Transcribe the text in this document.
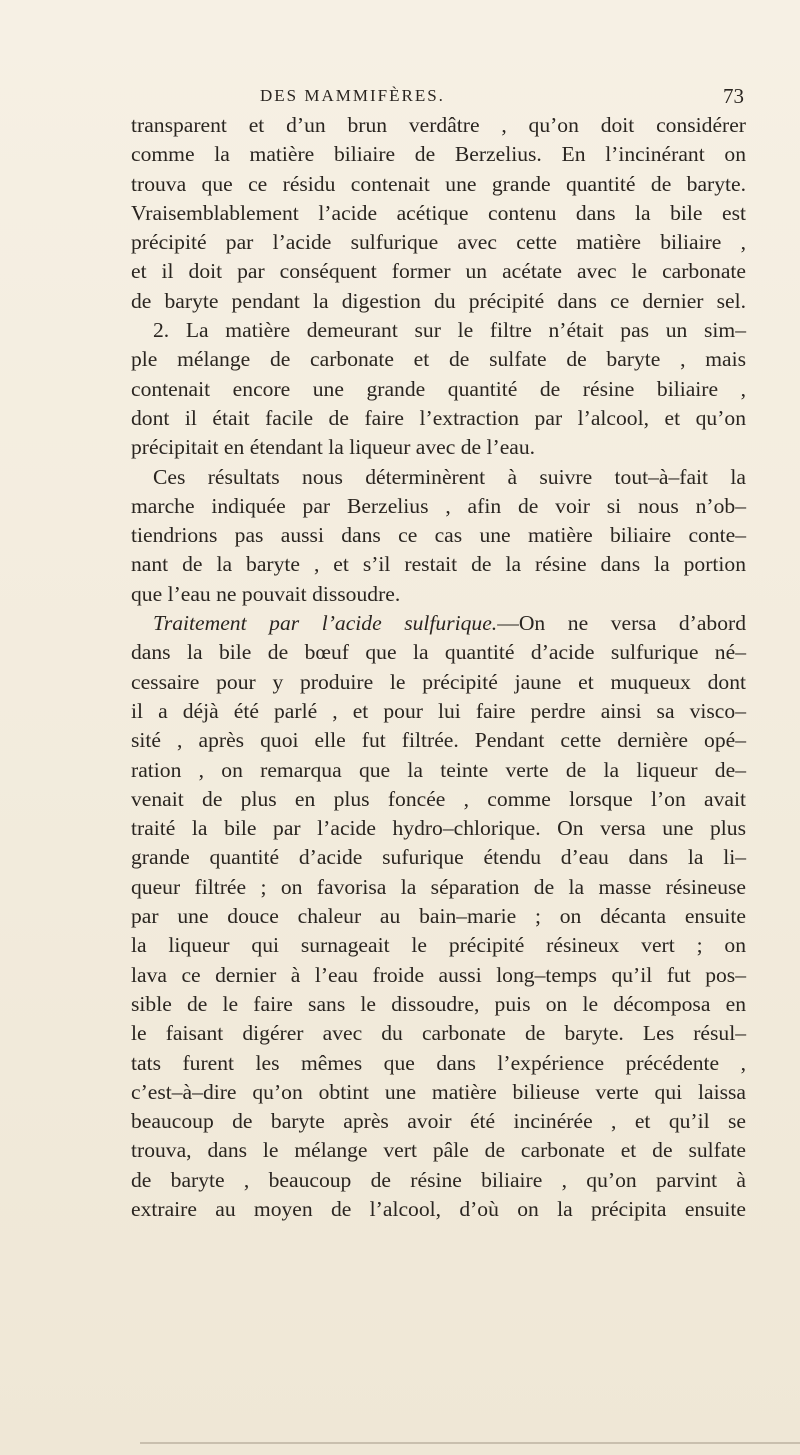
DES MAMMIFÈRES.	73
transparent et d’un brun verdâtre , qu’on doit considérer
comme la matière biliaire de Berzelius. En l’incinérant on
trouva que ce résidu contenait une grande quantité de baryte.
Vraisemblablement l’acide acétique contenu dans la bile est
précipité par l’acide sulfurique avec cette matière biliaire ,
et il doit par conséquent former un acétate avec le carbonate
de baryte pendant la digestion du précipité dans ce dernier sel.
2. La matière demeurant sur le filtre n’était pas un sim–
ple mélange de carbonate et de sulfate de baryte , mais
contenait encore une grande quantité de résine biliaire ,
dont il était facile de faire l’extraction par l’alcool, et qu’on
précipitait en étendant la liqueur avec de l’eau.
Ces résultats nous déterminèrent à suivre tout–à–fait la
marche indiquée par Berzelius , afin de voir si nous n’ob–
tiendrions pas aussi dans ce cas une matière biliaire conte–
nant de la baryte , et s’il restait de la résine dans la portion
que l’eau ne pouvait dissoudre.
Traitement par l’acide sulfurique.—On ne versa d’abord
dans la bile de bœuf que la quantité d’acide sulfurique né–
cessaire pour y produire le précipité jaune et muqueux dont
il a déjà été parlé , et pour lui faire perdre ainsi sa visco–
sité , après quoi elle fut filtrée. Pendant cette dernière opé–
ration , on remarqua que la teinte verte de la liqueur de–
venait de plus en plus foncée , comme lorsque l’on avait
traité la bile par l’acide hydro–chlorique. On versa une plus
grande quantité d’acide sufurique étendu d’eau dans la li–
queur filtrée ; on favorisa la séparation de la masse résineuse
par une douce chaleur au bain–marie ; on décanta ensuite
la liqueur qui surnageait le précipité résineux vert ; on
lava ce dernier à l’eau froide aussi long–temps qu’il fut pos–
sible de le faire sans le dissoudre, puis on le décomposa en
le faisant digérer avec du carbonate de baryte. Les résul–
tats furent les mêmes que dans l’expérience précédente ,
c’est–à–dire qu’on obtint une matière bilieuse verte qui laissa
beaucoup de baryte après avoir été incinérée , et qu’il se
trouva, dans le mélange vert pâle de carbonate et de sulfate
de baryte , beaucoup de résine biliaire , qu’on parvint à
extraire au moyen de l’alcool, d’où on la précipita ensuite
